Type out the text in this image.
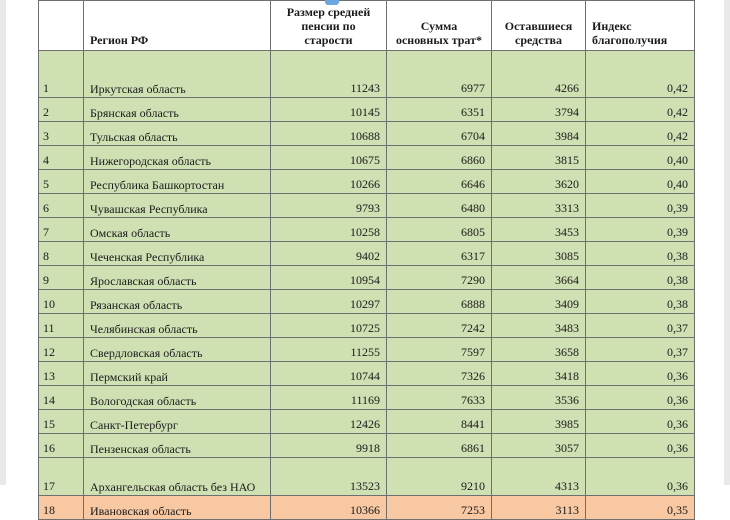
	Регион РФ	Размер средней пенсии по старости	Сумма основных трат*	Оставшиеся средства	Индекс благополучия

1	Иркутская область	11243	6977	4266	0,42
2	Брянская область	10145	6351	3794	0,42
3	Тульская область	10688	6704	3984	0,42
4	Нижегородская область	10675	6860	3815	0,40
5	Республика Башкортостан	10266	6646	3620	0,40
6	Чувашская Республика	9793	6480	3313	0,39
7	Омская область	10258	6805	3453	0,39
8	Чеченская Республика	9402	6317	3085	0,38
9	Ярославская область	10954	7290	3664	0,38
10	Рязанская область	10297	6888	3409	0,38
11	Челябинская область	10725	7242	3483	0,37
12	Свердловская область	11255	7597	3658	0,37
13	Пермский край	10744	7326	3418	0,36
14	Вологодская область	11169	7633	3536	0,36
15	Санкт-Петербург	12426	8441	3985	0,36
16	Пензенская область	9918	6861	3057	0,36
17	Архангельская область без НАО	13523	9210	4313	0,36
18	Ивановская область	10366	7253	3113	0,35
